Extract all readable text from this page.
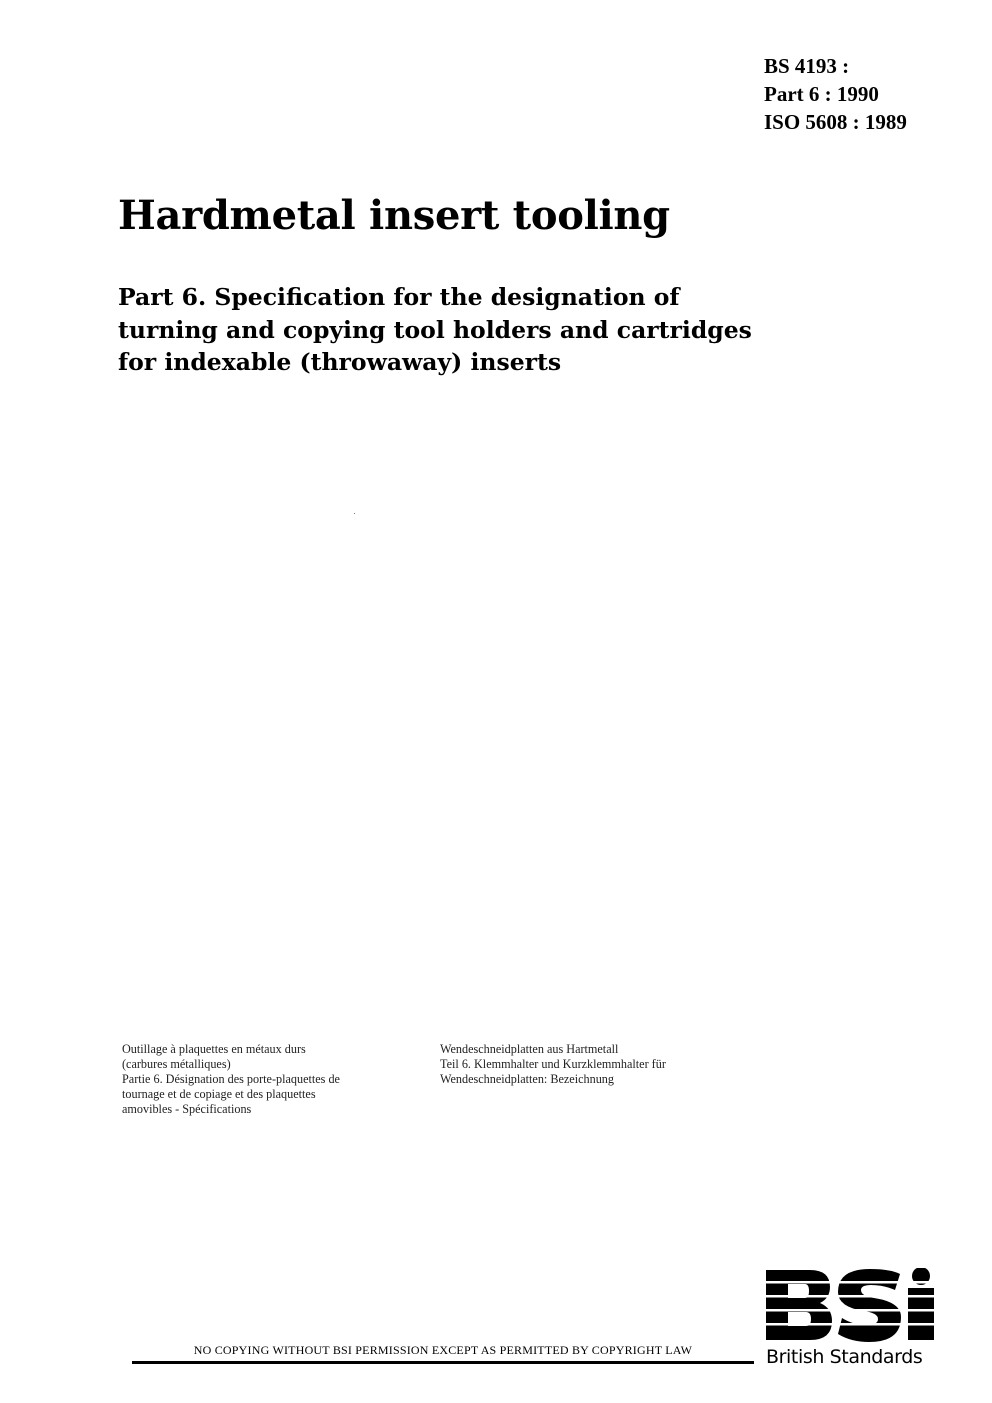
BS 4193 :
Part 6 : 1990
ISO 5608 : 1989
Hardmetal insert tooling
Part 6. Specification for the designation of turning and copying tool holders and cartridges for indexable (throwaway) inserts
Outillage à plaquettes en métaux durs
(carbures métalliques)
Partie 6. Désignation des porte-plaquettes de
tournage et de copiage et des plaquettes
amovibles - Spécifications
Wendeschneidplatten aus Hartmetall
Teil 6. Klemmhalter und Kurzklemmhalter für
Wendeschneidplatten: Bezeichnung
NO COPYING WITHOUT BSI PERMISSION EXCEPT AS PERMITTED BY COPYRIGHT LAW	British Standards
